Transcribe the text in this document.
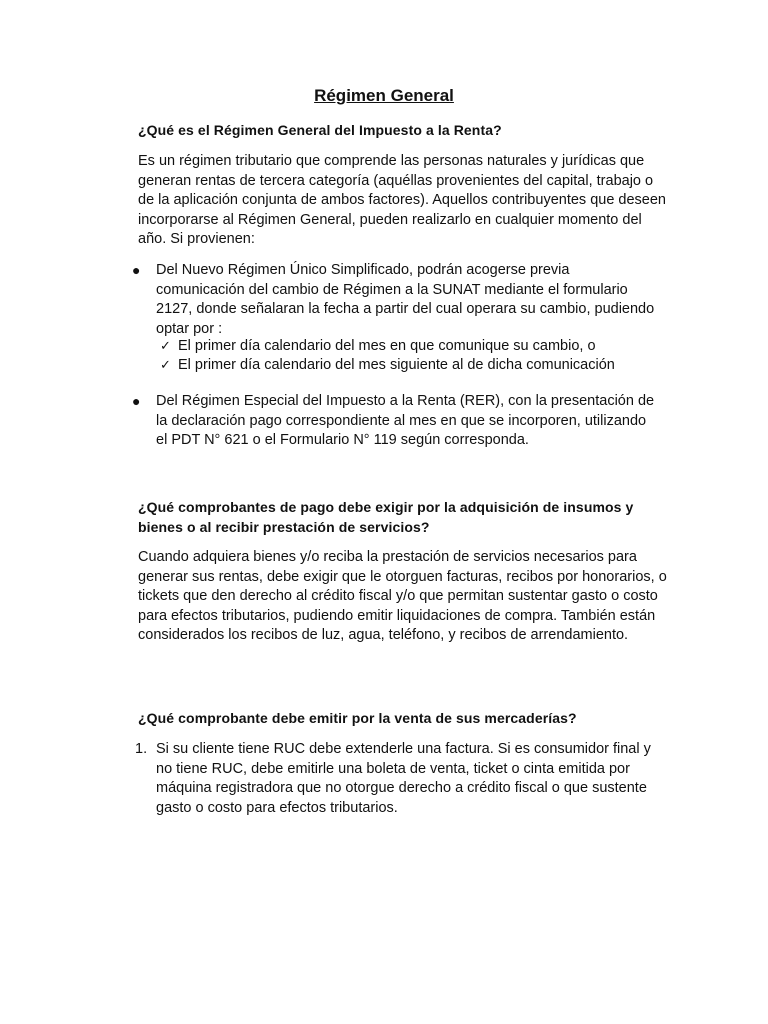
Régimen General
¿Qué es el Régimen General del Impuesto a la Renta?
Es un régimen tributario que comprende las personas naturales y jurídicas que generan rentas de tercera categoría (aquéllas provenientes del capital, trabajo o de la aplicación conjunta de ambos factores). Aquellos contribuyentes que deseen incorporarse al Régimen General, pueden realizarlo en cualquier momento del año. Si provienen:
● Del Nuevo Régimen Único Simplificado, podrán acogerse previa comunicación del cambio de Régimen a la SUNAT mediante el formulario 2127, donde señalaran la fecha a partir del cual operara su cambio, pudiendo optar por :
✓ El primer día calendario del mes en que comunique su cambio, o
✓ El primer día calendario del mes siguiente al de dicha comunicación
● Del Régimen Especial del Impuesto a la Renta (RER), con la presentación de la declaración pago correspondiente al mes en que se incorporen, utilizando el PDT N° 621 o el Formulario N° 119 según corresponda.
¿Qué comprobantes de pago debe exigir por la adquisición de insumos y bienes o al recibir prestación de servicios?
Cuando adquiera bienes y/o reciba la prestación de servicios necesarios para generar sus rentas, debe exigir que le otorguen facturas, recibos por honorarios, o tickets que den derecho al crédito fiscal y/o que permitan sustentar gasto o costo para efectos tributarios, pudiendo emitir liquidaciones de compra. También están considerados los recibos de luz, agua, teléfono, y recibos de arrendamiento.
¿Qué comprobante debe emitir por la venta de sus mercaderías?
1. Si su cliente tiene RUC debe extenderle una factura. Si es consumidor final y no tiene RUC, debe emitirle una boleta de venta, ticket o cinta emitida por máquina registradora que no otorgue derecho a crédito fiscal o que sustente gasto o costo para efectos tributarios.
